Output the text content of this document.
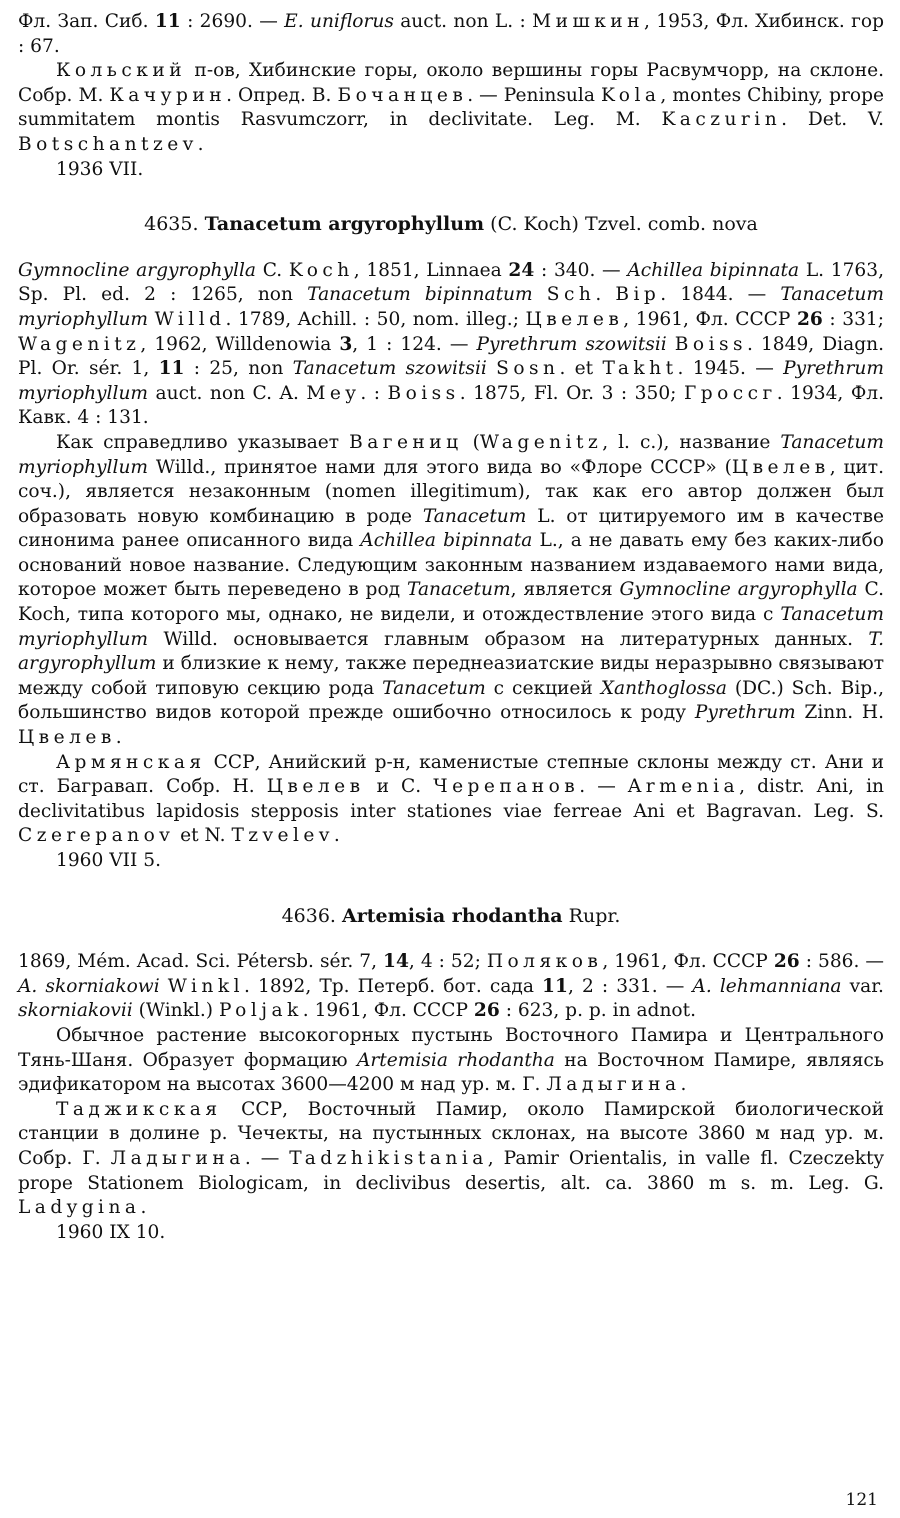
Фл. Зап. Сиб. 11 : 2690. — E. uniflorus auct. non L. : Мишкин, 1953, Фл. Хибинск. гор : 67.

Кольский п-ов, Хибинские горы, около вершины горы Расвумчорр, на склоне. Собр. М. Качурин. Опред. В. Бочанцев. — Peninsula Kola, montes Chibiny, prope summitatem montis Rasvumczorr, in declivitate. Leg. M. Kaczurin. Det. V. Botschantzev.

1936 VII.

4635. Tanacetum argyrophyllum (C. Koch) Tzvel. comb. nova

Gymnocline argyrophylla C. Koch, 1851, Linnaea 24 : 340. — Achillea bipinnata L. 1763, Sp. Pl. ed. 2 : 1265, non Tanacetum bipinnatum Sch. Bip. 1844. — Tanacetum myriophyllum Willd. 1789, Achill. : 50, nom. illeg.; Цвелев, 1961, Фл. СССР 26 : 331; Wagenitz, 1962, Willdenowia 3, 1 : 124. — Pyrethrum szowitsii Boiss. 1849, Diagn. Pl. Or. sér. 1, 11 : 25, non Tanacetum szowitsii Sosn. et Takht. 1945. — Pyrethrum myriophyllum auct. non C. A. Mey. : Boiss. 1875, Fl. Or. 3 : 350; Гроссг. 1934, Фл. Кавк. 4 : 131.

Как справедливо указывает Вагениц (Wagenitz, l. c.), название Tanacetum myriophyllum Willd., принятое нами для этого вида во «Флоре СССР» (Цвелев, цит. соч.), является незаконным (nomen illegitimum), так как его автор должен был образовать новую комбинацию в роде Tanacetum L. от цитируемого им в качестве синонима ранее описанного вида Achillea bipinnata L., а не давать ему без каких-либо оснований новое название. Следующим законным названием издаваемого нами вида, которое может быть переведено в род Tanacetum, является Gymnocline argyrophylla C. Koch, типа которого мы, однако, не видели, и отождествление этого вида с Tanacetum myriophyllum Willd. основывается главным образом на литературных данных. T. argyrophyllum и близкие к нему, также переднеазиатские виды неразрывно связывают между собой типовую секцию рода Tanacetum с секцией Xanthoglossa (DC.) Sch. Bip., большинство видов которой прежде ошибочно относилось к роду Pyrethrum Zinn. Н. Цвелев.

Армянская ССР, Анийский р-н, каменистые степные склоны между ст. Ани и ст. Багравап. Собр. Н. Цвелев и С. Черепанов. — Armenia, distr. Ani, in declivitatibus lapidosis stepposis inter stationes viae ferreae Ani et Bagravan. Leg. S. Czerepanov et N. Tzvelev.

1960 VII 5.

4636. Artemisia rhodantha Rupr.

1869, Mém. Acad. Sci. Pétersb. sér. 7, 14, 4 : 52; Поляков, 1961, Фл. СССР 26 : 586. — A. skorniakowi Winkl. 1892, Тр. Петерб. бот. сада 11, 2 : 331. — A. lehmanniana var. skorniakovii (Winkl.) Poljak. 1961, Фл. СССР 26 : 623, p. p. in adnot.

Обычное растение высокогорных пустынь Восточного Памира и Центрального Тянь-Шаня. Образует формацию Artemisia rhodantha на Восточном Памире, являясь эдификатором на высотах 3600—4200 м над ур. м. Г. Ладыгина.

Таджикская ССР, Восточный Памир, около Памирской биологической станции в долине р. Чечекты, на пустынных склонах, на высоте 3860 м над ур. м. Собр. Г. Ладыгина. — Tadzhikistania, Pamir Orientalis, in valle fl. Czeczekty prope Stationem Biologicam, in declivibus desertis, alt. ca. 3860 m s. m. Leg. G. Ladygina.

1960 IX 10.

121
